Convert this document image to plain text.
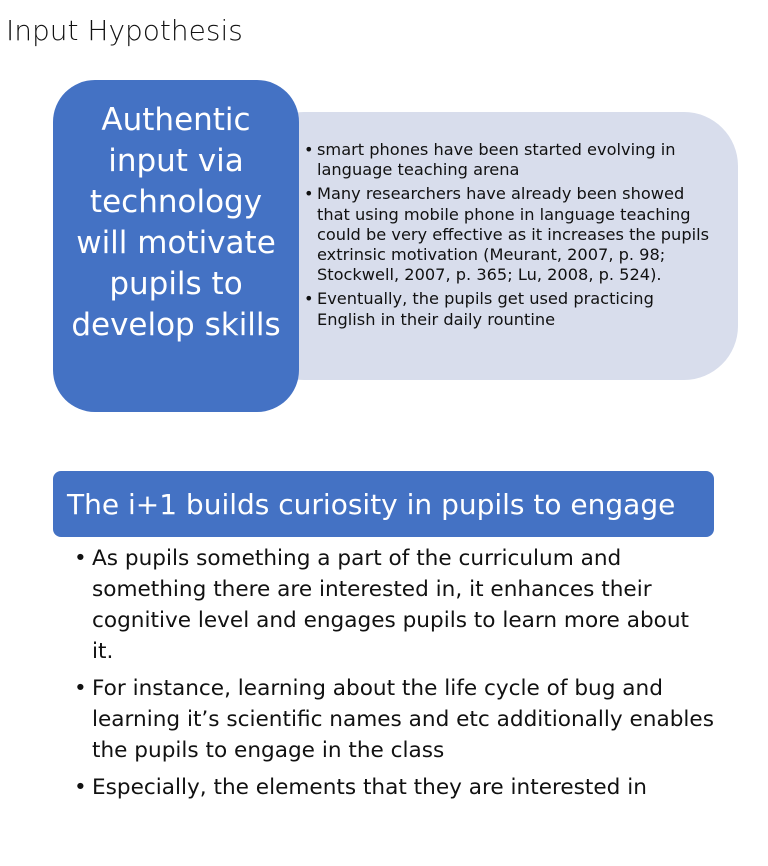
Input Hypothesis
• smart phones have been started evolving in language teaching arena
• Many researchers have already been showed that using mobile phone in language teaching could be very effective as it increases the pupils extrinsic motivation (Meurant, 2007, p. 98; Stockwell, 2007, p. 365; Lu, 2008, p. 524).
• Eventually, the pupils get used practicing English in their daily rountine
Authentic input via technology will motivate pupils to develop skills
The i+1 builds curiosity in pupils to engage
• As pupils something a part of the curriculum and something there are interested in, it enhances their cognitive level and engages pupils to learn more about it.
• For instance, learning about the life cycle of bug and learning it’s scientific names and etc additionally enables the pupils to engage in the class
• Especially, the elements that they are interested in
